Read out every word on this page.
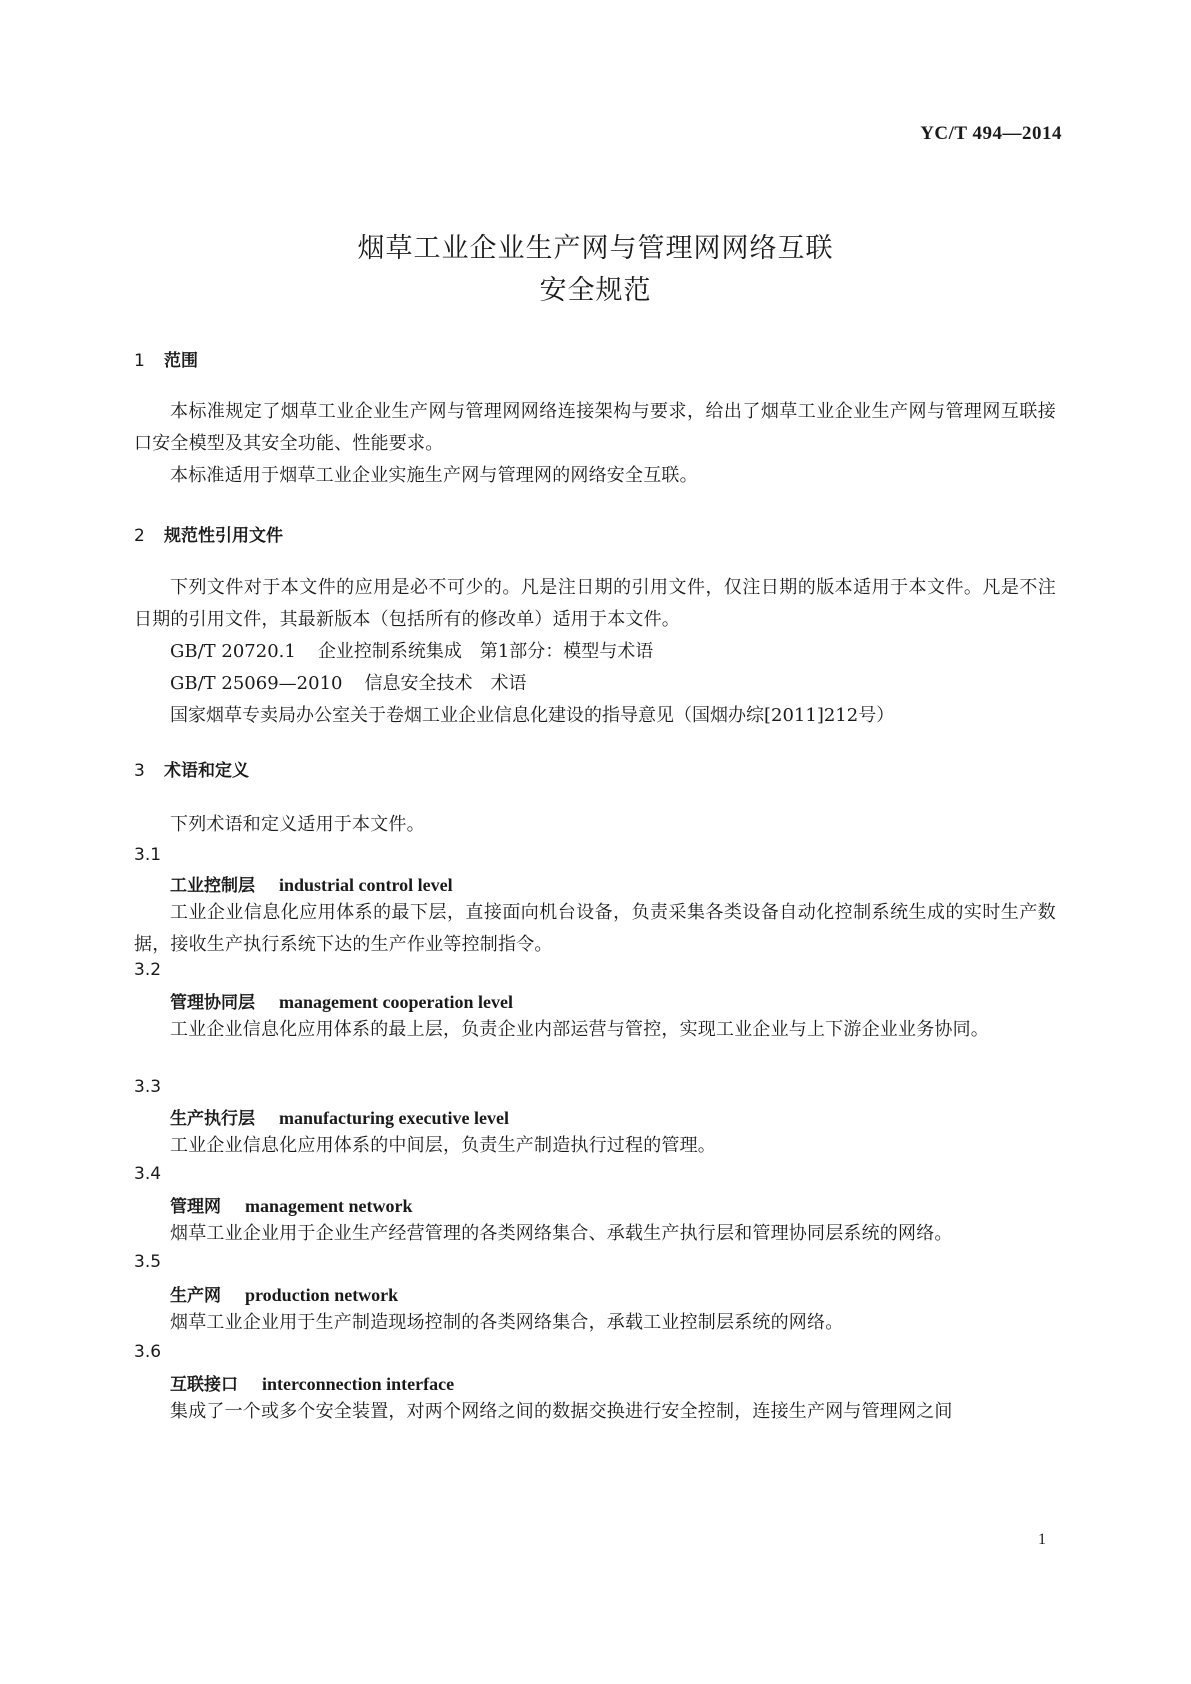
YC/T 494—2014
烟草工业企业生产网与管理网网络互联
安全规范
1 范围
本标准规定了烟草工业企业生产网与管理网网络连接架构与要求，给出了烟草工业企业生产网与管理网互联接口安全模型及其安全功能、性能要求。
本标准适用于烟草工业企业实施生产网与管理网的网络安全互联。
2 规范性引用文件
下列文件对于本文件的应用是必不可少的。凡是注日期的引用文件，仅注日期的版本适用于本文件。凡是不注日期的引用文件，其最新版本（包括所有的修改单）适用于本文件。
GB/T 20720.1 企业控制系统集成　第1部分：模型与术语
GB/T 25069—2010 信息安全技术　术语
国家烟草专卖局办公室关于卷烟工业企业信息化建设的指导意见（国烟办综[2011]212号）
3 术语和定义
下列术语和定义适用于本文件。
3.1
工业控制层 industrial control level
工业企业信息化应用体系的最下层，直接面向机台设备，负责采集各类设备自动化控制系统生成的实时生产数据，接收生产执行系统下达的生产作业等控制指令。
3.2
管理协同层 management cooperation level
工业企业信息化应用体系的最上层，负责企业内部运营与管控，实现工业企业与上下游企业业务协同。
3.3
生产执行层 manufacturing executive level
工业企业信息化应用体系的中间层，负责生产制造执行过程的管理。
3.4
管理网 management network
烟草工业企业用于企业生产经营管理的各类网络集合、承载生产执行层和管理协同层系统的网络。
3.5
生产网 production network
烟草工业企业用于生产制造现场控制的各类网络集合，承载工业控制层系统的网络。
3.6
互联接口 interconnection interface
集成了一个或多个安全装置，对两个网络之间的数据交换进行安全控制，连接生产网与管理网之间
1
